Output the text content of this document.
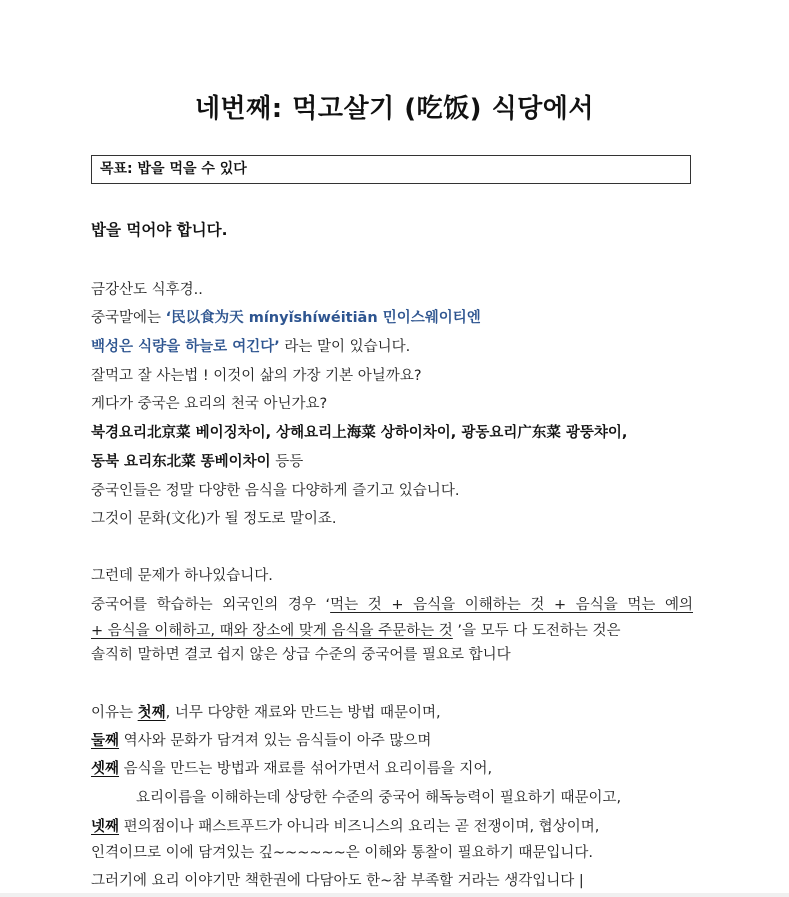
네번째: 먹고살기 (吃饭) 식당에서
목표: 밥을 먹을 수 있다
밥을 먹어야 합니다.
금강산도 식후경..
중국말에는 ‘民以食为天 mínyǐshíwéitiān 민이스웨이티엔
백성은 식량을 하늘로 여긴다’ 라는 말이 있습니다.
잘먹고 잘 사는법 ! 이것이 삶의 가장 기본 아닐까요?
게다가 중국은 요리의 천국 아닌가요?
북경요리北京菜 베이징차이, 상해요리上海菜 상하이차이, 광동요리广东菜 광뚱챠이,
동북 요리东北菜 똥베이차이 등등
중국인들은 정말 다양한 음식을 다양하게 즐기고 있습니다.
그것이 문화(文化)가 될 정도로 말이죠.
그런데 문제가 하나있습니다.
중국어를 학습하는 외국인의 경우 ‘먹는 것 + 음식을 이해하는 것 + 음식을 먹는 예의
+ 음식을 이해하고, 때와 장소에 맞게 음식을 주문하는 것 ’을 모두 다 도전하는 것은
솔직히 말하면 결코 쉽지 않은 상급 수준의 중국어를 필요로 합니다
이유는 첫째, 너무 다양한 재료와 만드는 방법 때문이며,
둘째 역사와 문화가 담겨져 있는 음식들이 아주 많으며
셋째 음식을 만드는 방법과 재료를 섞어가면서 요리이름을 지어,
요리이름을 이해하는데 상당한 수준의 중국어 해독능력이 필요하기 때문이고,
넷째 편의점이나 패스트푸드가 아니라 비즈니스의 요리는 곧 전쟁이며, 협상이며,
인격이므로 이에 담겨있는 깊~~~~~~은 이해와 통찰이 필요하기 때문입니다.
그러기에 요리 이야기만 책한권에 다담아도 한~참 부족할 거라는 생각입니다 |
